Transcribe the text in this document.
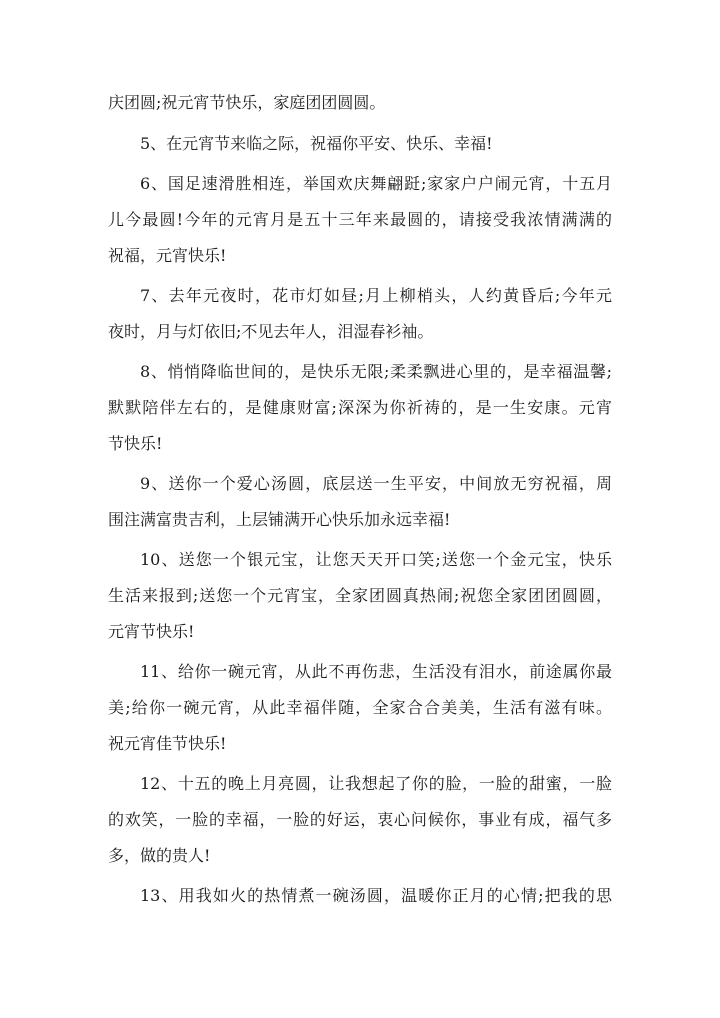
庆团圆;祝元宵节快乐，家庭团团圆圆。
5、在元宵节来临之际，祝福你平安、快乐、幸福!
6、国足速滑胜相连，举国欢庆舞翩跹;家家户户闹元宵，十五月
儿今最圆!今年的元宵月是五十三年来最圆的，请接受我浓情满满的
祝福，元宵快乐!
7、去年元夜时，花市灯如昼;月上柳梢头，人约黄昏后;今年元
夜时，月与灯依旧;不见去年人，泪湿春衫袖。
8、悄悄降临世间的，是快乐无限;柔柔飘进心里的，是幸福温馨;
默默陪伴左右的，是健康财富;深深为你祈祷的，是一生安康。元宵
节快乐!
9、送你一个爱心汤圆，底层送一生平安，中间放无穷祝福，周
围注满富贵吉利，上层铺满开心快乐加永远幸福!
10、送您一个银元宝，让您天天开口笑;送您一个金元宝，快乐
生活来报到;送您一个元宵宝，全家团圆真热闹;祝您全家团团圆圆，
元宵节快乐!
11、给你一碗元宵，从此不再伤悲，生活没有泪水，前途属你最
美;给你一碗元宵，从此幸福伴随，全家合合美美，生活有滋有味。
祝元宵佳节快乐!
12、十五的晚上月亮圆，让我想起了你的脸，一脸的甜蜜，一脸
的欢笑，一脸的幸福，一脸的好运，衷心问候你，事业有成，福气多
多，做的贵人!
13、用我如火的热情煮一碗汤圆，温暖你正月的心情;把我的思
